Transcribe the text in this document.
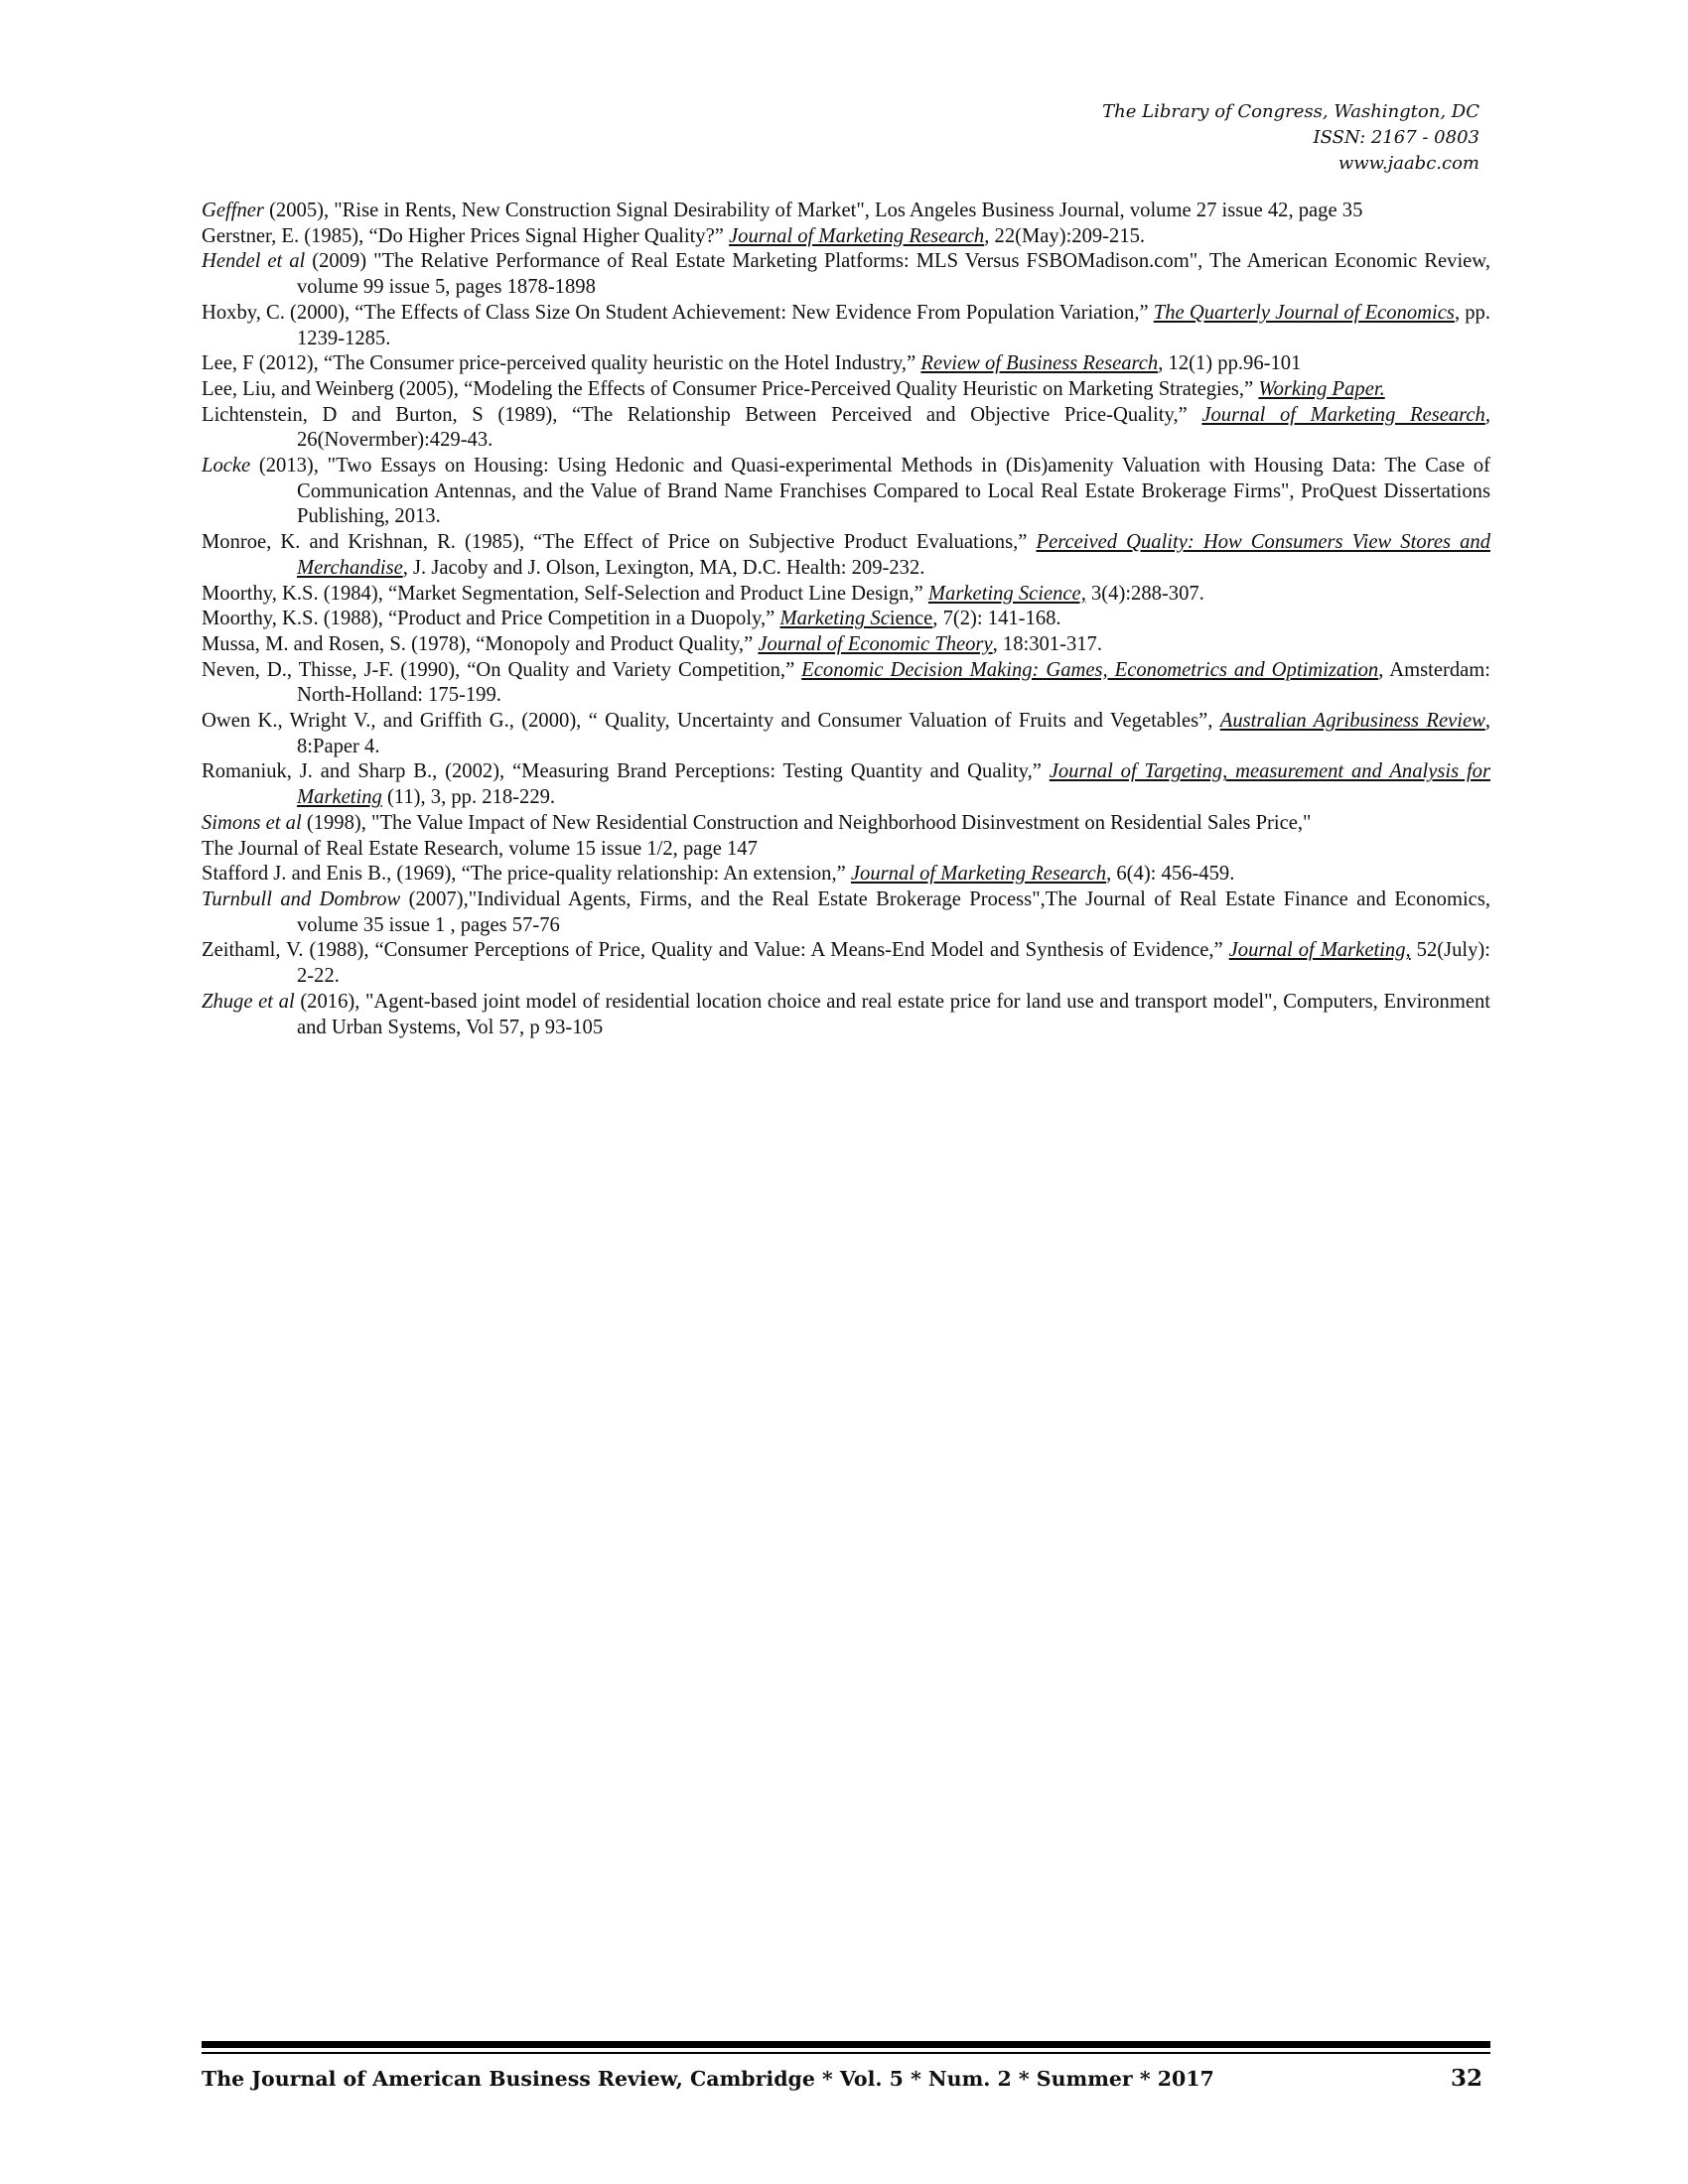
The Library of Congress, Washington, DC
ISSN: 2167 - 0803
www.jaabc.com
Geffner (2005), "Rise in Rents, New Construction Signal Desirability of Market", Los Angeles Business Journal, volume 27 issue 42, page 35
Gerstner, E. (1985), “Do Higher Prices Signal Higher Quality?” Journal of Marketing Research, 22(May):209-215.
Hendel et al (2009) "The Relative Performance of Real Estate Marketing Platforms: MLS Versus FSBOMadison.com", The American Economic Review, volume 99 issue 5, pages 1878-1898
Hoxby, C. (2000), “The Effects of Class Size On Student Achievement: New Evidence From Population Variation,” The Quarterly Journal of Economics, pp. 1239-1285.
Lee, F (2012), “The Consumer price-perceived quality heuristic on the Hotel Industry,” Review of Business Research, 12(1) pp.96-101
Lee, Liu, and Weinberg (2005), “Modeling the Effects of Consumer Price-Perceived Quality Heuristic on Marketing Strategies,” Working Paper.
Lichtenstein, D and Burton, S (1989), “The Relationship Between Perceived and Objective Price-Quality,” Journal of Marketing Research, 26(Novermber):429-43.
Locke (2013), "Two Essays on Housing: Using Hedonic and Quasi-experimental Methods in (Dis)amenity Valuation with Housing Data: The Case of Communication Antennas, and the Value of Brand Name Franchises Compared to Local Real Estate Brokerage Firms", ProQuest Dissertations Publishing, 2013.
Monroe, K. and Krishnan, R. (1985), “The Effect of Price on Subjective Product Evaluations,” Perceived Quality: How Consumers View Stores and Merchandise, J. Jacoby and J. Olson, Lexington, MA, D.C. Health: 209-232.
Moorthy, K.S. (1984), “Market Segmentation, Self-Selection and Product Line Design,” Marketing Science, 3(4):288-307.
Moorthy, K.S. (1988), “Product and Price Competition in a Duopoly,” Marketing Science, 7(2): 141-168.
Mussa, M. and Rosen, S. (1978), “Monopoly and Product Quality,” Journal of Economic Theory, 18:301-317.
Neven, D., Thisse, J-F. (1990), “On Quality and Variety Competition,” Economic Decision Making: Games, Econometrics and Optimization, Amsterdam: North-Holland: 175-199.
Owen K., Wright V., and Griffith G., (2000), “ Quality, Uncertainty and Consumer Valuation of Fruits and Vegetables”, Australian Agribusiness Review, 8:Paper 4.
Romaniuk, J. and Sharp B., (2002), “Measuring Brand Perceptions: Testing Quantity and Quality,” Journal of Targeting, measurement and Analysis for Marketing (11), 3, pp. 218-229.
Simons et al (1998), "The Value Impact of New Residential Construction and Neighborhood Disinvestment on Residential Sales Price,"
The Journal of Real Estate Research, volume 15 issue 1/2, page 147
Stafford J. and Enis B., (1969), “The price-quality relationship: An extension,” Journal of Marketing Research, 6(4): 456-459.
Turnbull and Dombrow (2007),"Individual Agents, Firms, and the Real Estate Brokerage Process",The Journal of Real Estate Finance and Economics, volume 35 issue 1 , pages 57-76
Zeithaml, V. (1988), “Consumer Perceptions of Price, Quality and Value: A Means-End Model and Synthesis of Evidence,” Journal of Marketing, 52(July): 2-22.
Zhuge et al (2016), "Agent-based joint model of residential location choice and real estate price for land use and transport model", Computers, Environment and Urban Systems, Vol 57, p 93-105
The Journal of American Business Review, Cambridge * Vol. 5 * Num. 2 * Summer * 2017	32
